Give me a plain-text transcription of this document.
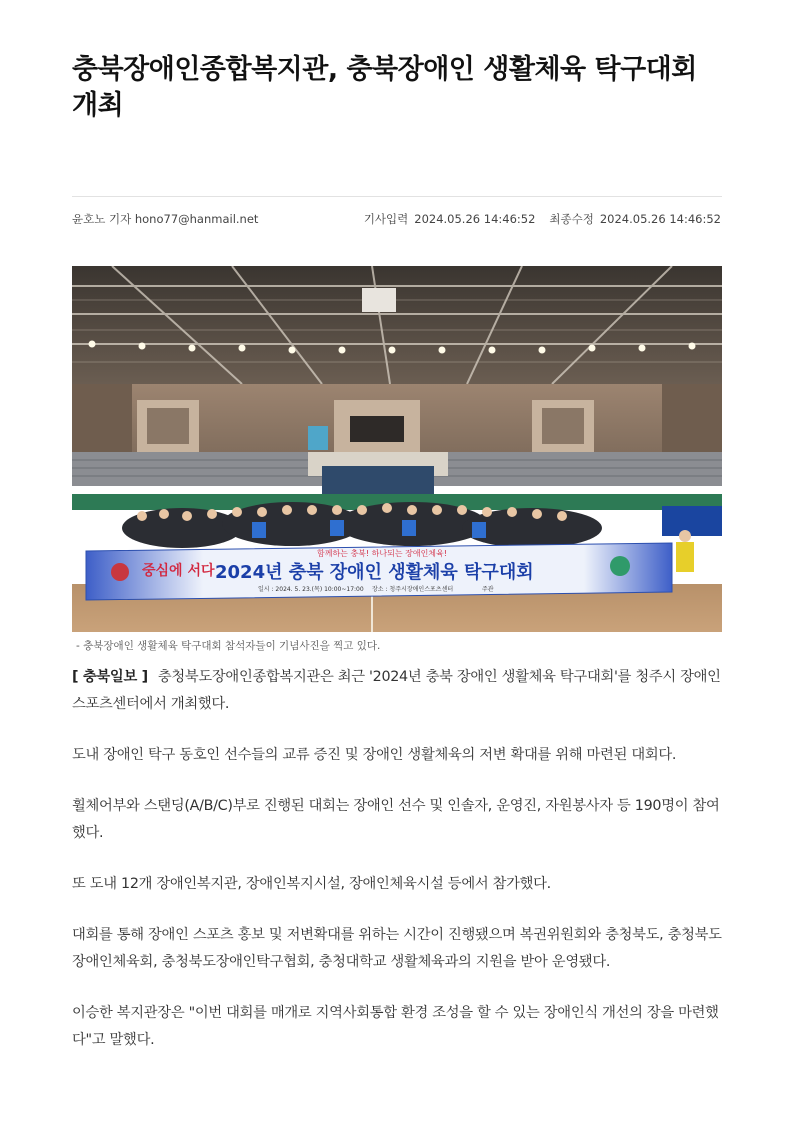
충북장애인종합복지관, 충북장애인 생활체육 탁구대회 개최
윤호노 기자 hono77@hanmail.net	기사입력 2024.05.26 14:46:52 최종수정 2024.05.26 14:46:52
중심에 서다 2024년 충북 장애인 생활체육 탁구대회
함께하는 충북! 하나되는 장애인체육!
일시 : 2024. 5. 23.(목) 10:00~17:00 장소 : 청주시장애인스포츠센터	주관
- 충북장애인 생활체육 탁구대회 참석자들이 기념사진을 찍고 있다.

[ 충북일보 ] 충청북도장애인종합복지관은 최근 '2024년 충북 장애인 생활체육 탁구대회'를 청주시 장애인스포츠센터에서 개최했다.

도내 장애인 탁구 동호인 선수들의 교류 증진 및 장애인 생활체육의 저변 확대를 위해 마련된 대회다.

휠체어부와 스탠딩(A/B/C)부로 진행된 대회는 장애인 선수 및 인솔자, 운영진, 자원봉사자 등 190명이 참여했다.

또 도내 12개 장애인복지관, 장애인복지시설, 장애인체육시설 등에서 참가했다.

대회를 통해 장애인 스포츠 홍보 및 저변확대를 위하는 시간이 진행됐으며 복권위원회와 충청북도, 충청북도장애인체육회, 충청북도장애인탁구협회, 충청대학교 생활체육과의 지원을 받아 운영됐다.

이승한 복지관장은 "이번 대회를 매개로 지역사회통합 환경 조성을 할 수 있는 장애인식 개선의 장을 마련했다"고 말했다.
